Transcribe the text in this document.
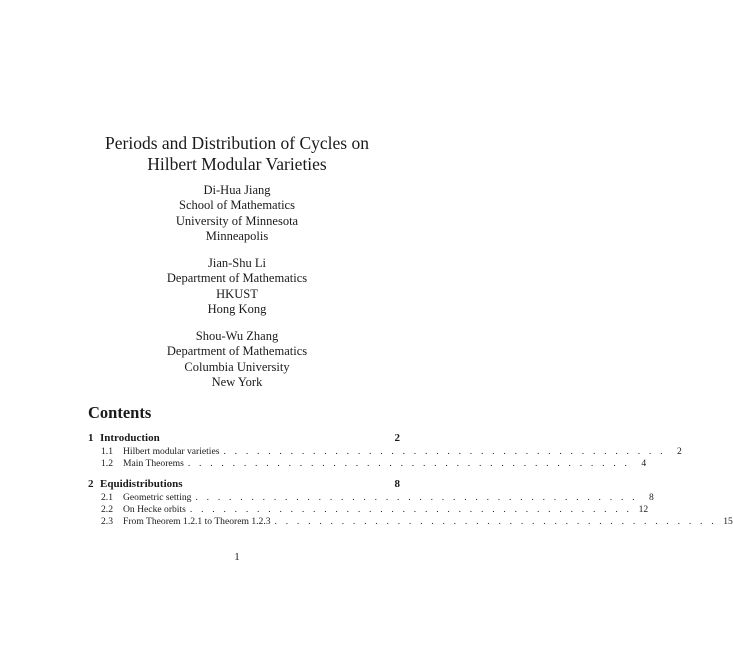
Periods and Distribution of Cycles on
Hilbert Modular Varieties
Di-Hua Jiang
School of Mathematics
University of Minnesota
Minneapolis
Jian-Shu Li
Department of Mathematics
HKUST
Hong Kong
Shou-Wu Zhang
Department of Mathematics
Columbia University
New York
Contents
1 Introduction	2
1.1	Hilbert modular varieties . . . . . . . . . . . . . . . . . . . . . . . . . . . . . . . . . . . . . . . .	2
1.2	Main Theorems . . . . . . . . . . . . . . . . . . . . . . . . . . . . . . . . . . . . . . . .	4
2 Equidistributions	8
2.1	Geometric setting . . . . . . . . . . . . . . . . . . . . . . . . . . . . . . . . . . . . . . . .	8
2.2	On Hecke orbits . . . . . . . . . . . . . . . . . . . . . . . . . . . . . . . . . . . . . . . . 12
2.3	From Theorem 1.2.1 to Theorem 1.2.3 . . . . . . . . . . . . . . . . . . . . . . . . . . . . . . . . . . . . . . . . 15
1
